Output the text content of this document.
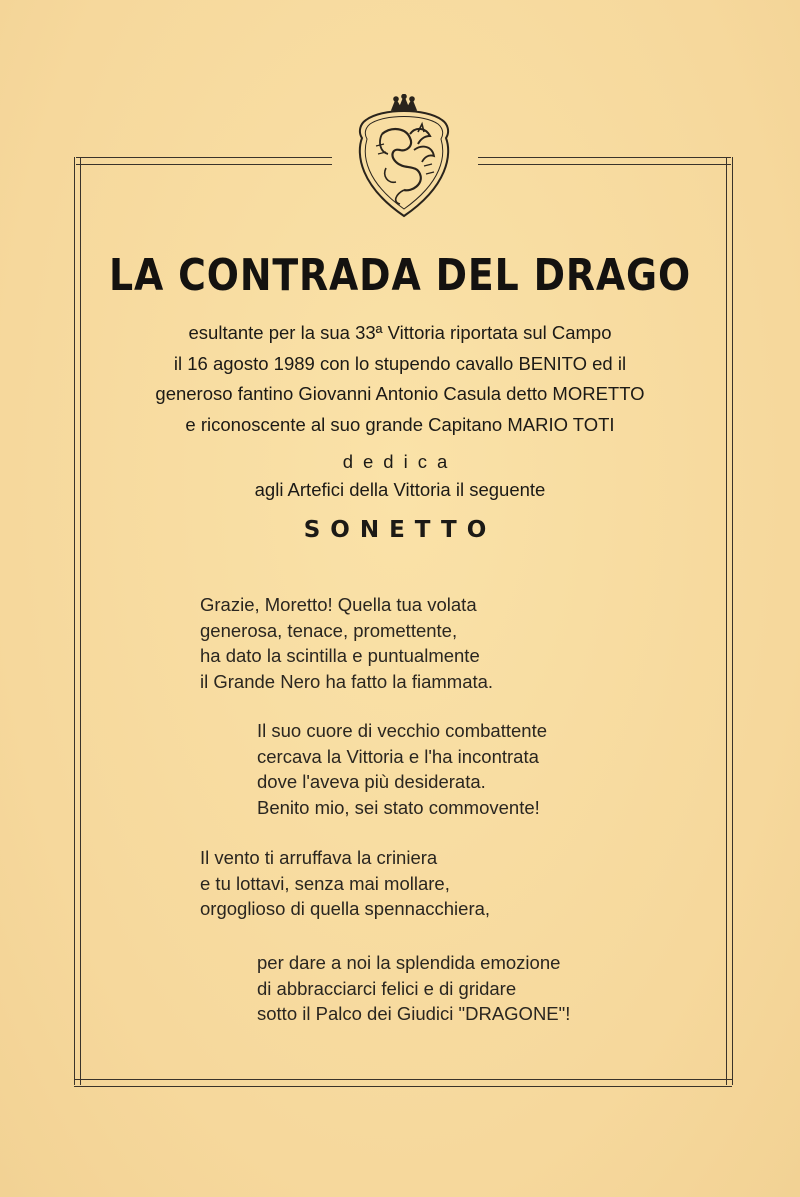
LA CONTRADA DEL DRAGO
esultante per la sua 33ª Vittoria riportata sul Campo
il 16 agosto 1989 con lo stupendo cavallo BENITO ed il
generoso fantino Giovanni Antonio Casula detto MORETTO
e riconoscente al suo grande Capitano MARIO TOTI
dedica
agli Artefici della Vittoria il seguente
SONETTO
Grazie, Moretto! Quella tua volata
generosa, tenace, promettente,
ha dato la scintilla e puntualmente
il Grande Nero ha fatto la fiammata.
Il suo cuore di vecchio combattente
cercava la Vittoria e l'ha incontrata
dove l'aveva più desiderata.
Benito mio, sei stato commovente!
Il vento ti arruffava la criniera
e tu lottavi, senza mai mollare,
orgoglioso di quella spennacchiera,
per dare a noi la splendida emozione
di abbracciarci felici e di gridare
sotto il Palco dei Giudici "DRAGONE"!
